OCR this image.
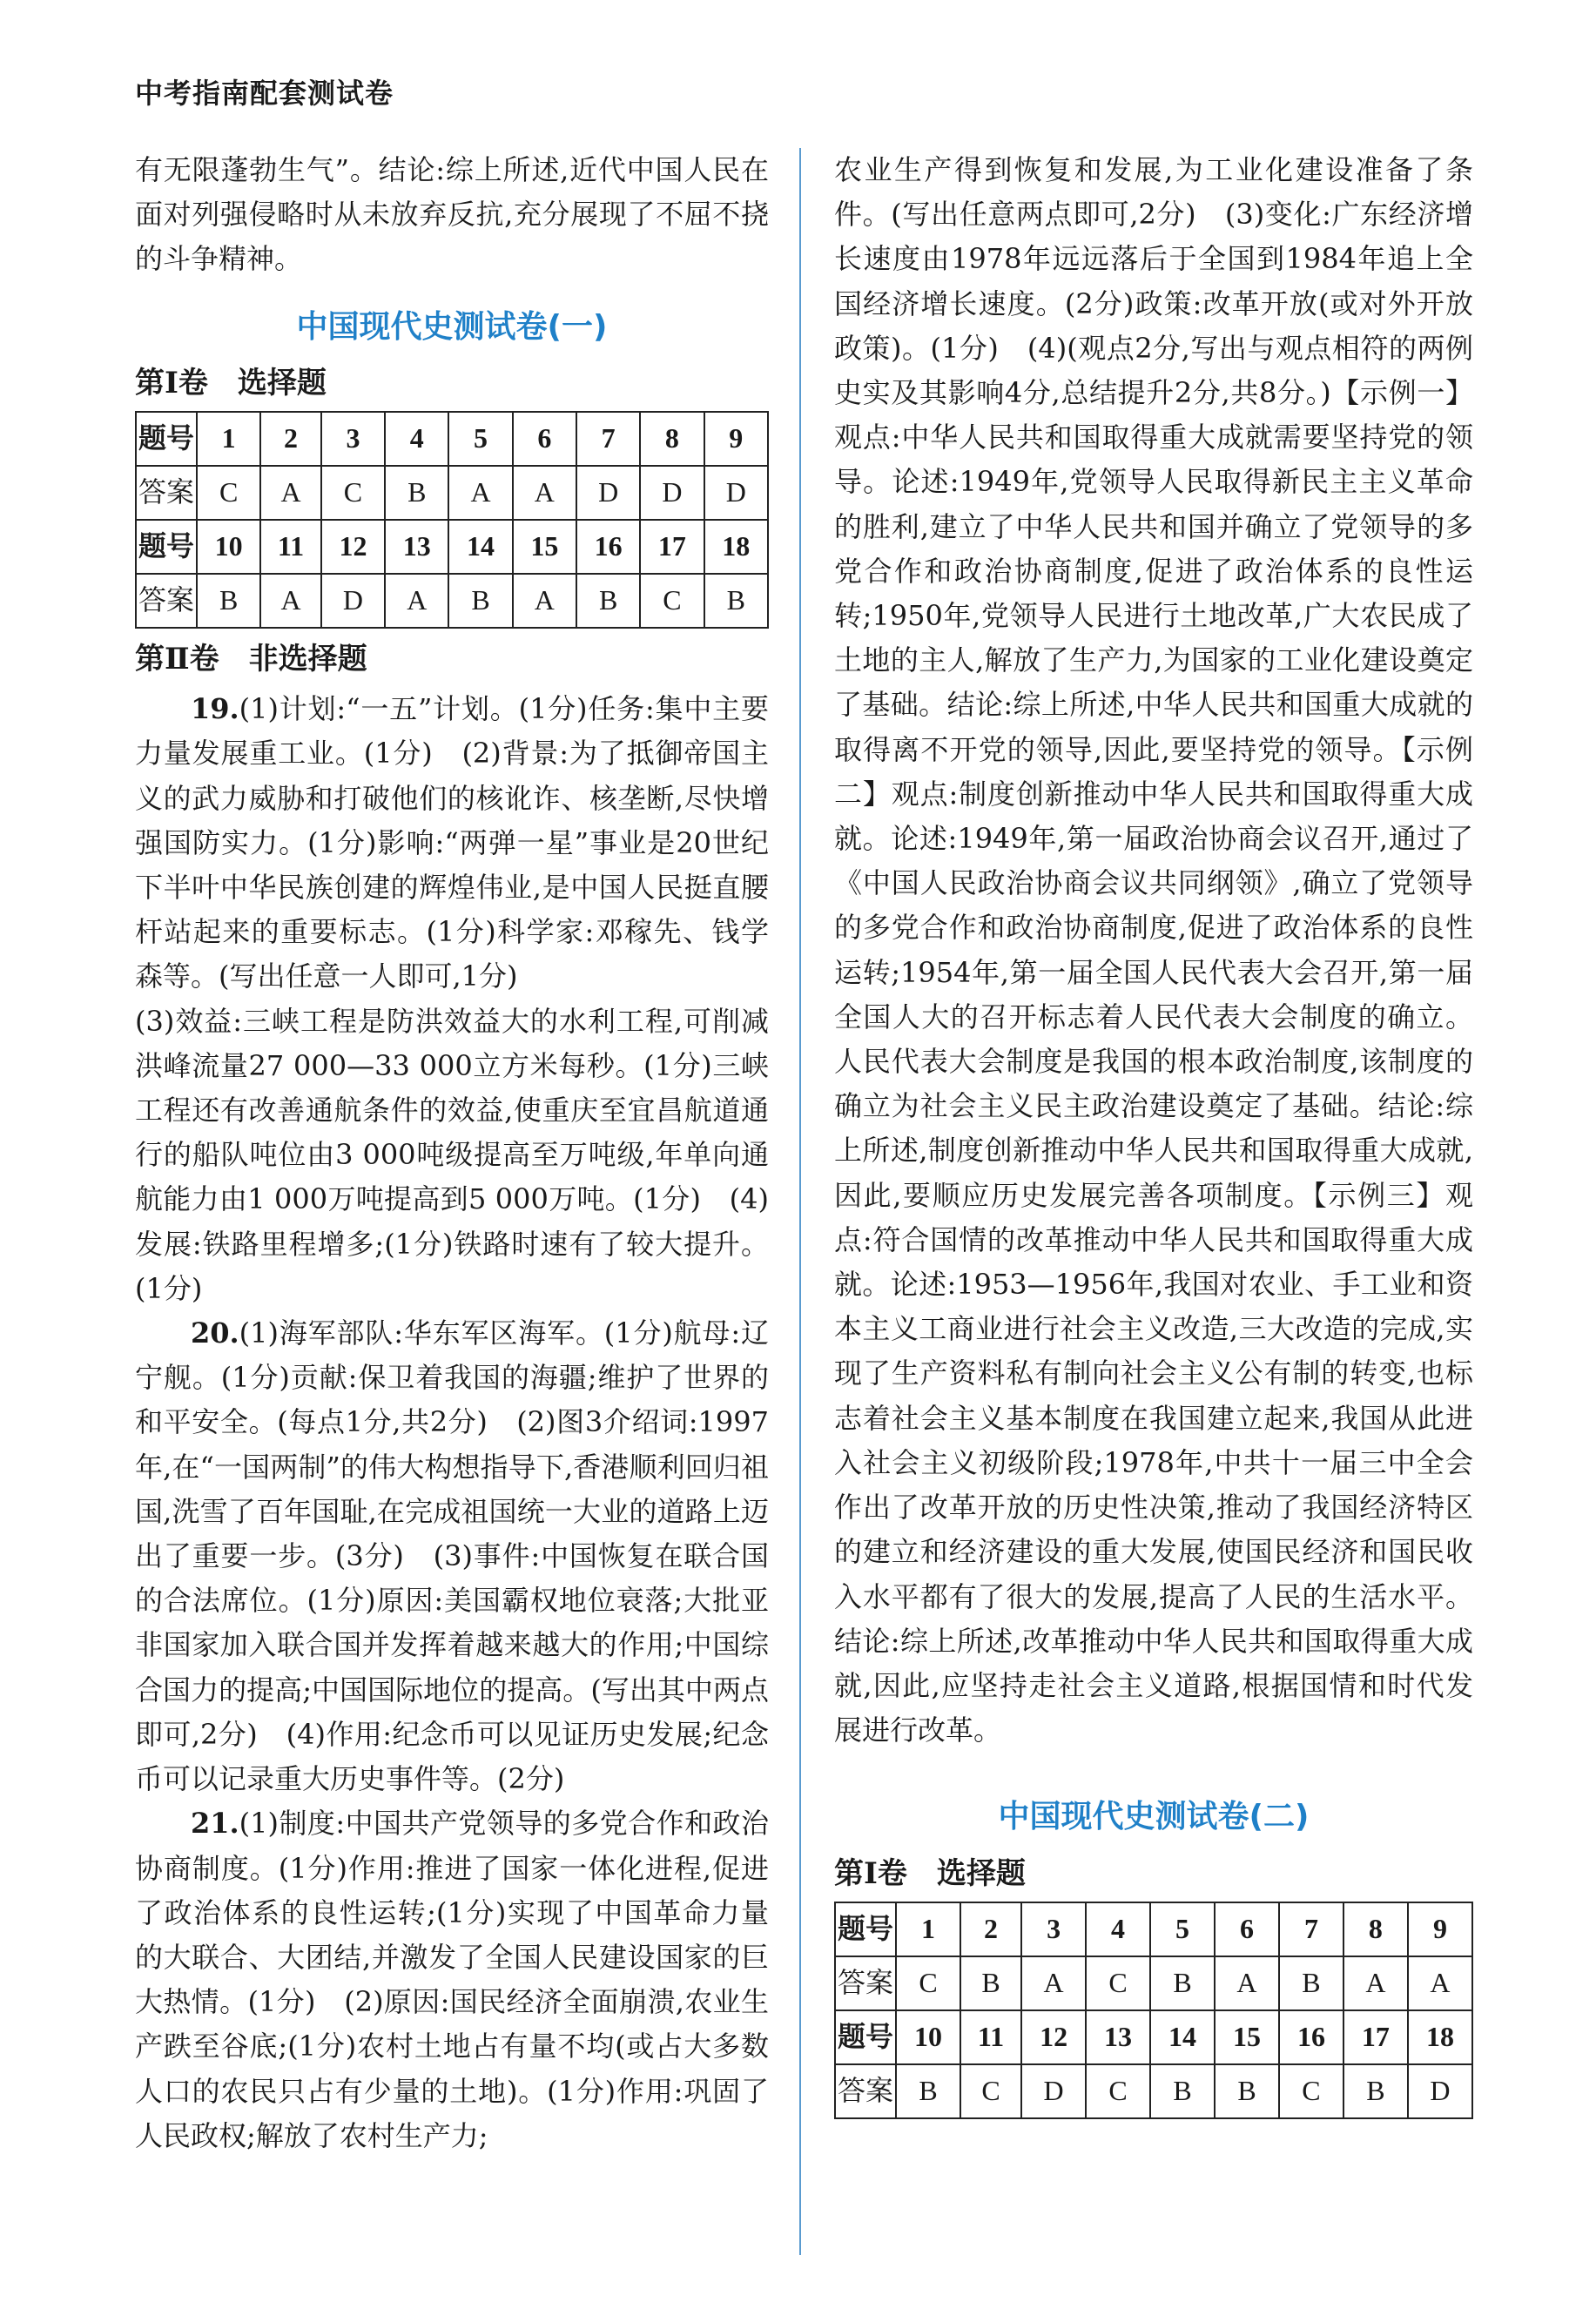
中考指南配套测试卷

有无限蓬勃生气”。结论:综上所述,近代中国人民在面对列强侵略时从未放弃反抗,充分展现了不屈不挠的斗争精神。

中国现代史测试卷(一)
第Ⅰ卷　选择题
题号	1	2	3	4	5	6	7	8	9
答案	C	A	C	B	A	A	D	D	D
题号	10	11	12	13	14	15	16	17	18
答案	B	A	D	A	B	A	B	C	B
第Ⅱ卷　非选择题

19.(1)计划:“一五”计划。(1分)任务:集中主要力量发展重工业。(1分)　(2)背景:为了抵御帝国主义的武力威胁和打破他们的核讹诈、核垄断,尽快增强国防实力。(1分)影响:“两弹一星”事业是20世纪下半叶中华民族创建的辉煌伟业,是中国人民挺直腰杆站起来的重要标志。(1分)科学家:邓稼先、钱学森等。(写出任意一人即可,1分)

(3)效益:三峡工程是防洪效益大的水利工程,可削减洪峰流量27 000—33 000立方米每秒。(1分)三峡工程还有改善通航条件的效益,使重庆至宜昌航道通行的船队吨位由3 000吨级提高至万吨级,年单向通航能力由1 000万吨提高到5 000万吨。(1分)　(4)发展:铁路里程增多;(1分)铁路时速有了较大提升。(1分)

20.(1)海军部队:华东军区海军。(1分)航母:辽宁舰。(1分)贡献:保卫着我国的海疆;维护了世界的和平安全。(每点1分,共2分)　(2)图3介绍词:1997年,在“一国两制”的伟大构想指导下,香港顺利回归祖国,洗雪了百年国耻,在完成祖国统一大业的道路上迈出了重要一步。(3分)　(3)事件:中国恢复在联合国的合法席位。(1分)原因:美国霸权地位衰落;大批亚非国家加入联合国并发挥着越来越大的作用;中国综合国力的提高;中国国际地位的提高。(写出其中两点即可,2分)　(4)作用:纪念币可以见证历史发展;纪念币可以记录重大历史事件等。(2分)

21.(1)制度:中国共产党领导的多党合作和政治协商制度。(1分)作用:推进了国家一体化进程,促进了政治体系的良性运转;(1分)实现了中国革命力量的大联合、大团结,并激发了全国人民建设国家的巨大热情。(1分)　(2)原因:国民经济全面崩溃,农业生产跌至谷底;(1分)农村土地占有量不均(或占大多数人口的农民只占有少量的土地)。(1分)作用:巩固了人民政权;解放了农村生产力;

农业生产得到恢复和发展,为工业化建设准备了条件。(写出任意两点即可,2分)　(3)变化:广东经济增长速度由1978年远远落后于全国到1984年追上全国经济增长速度。(2分)政策:改革开放(或对外开放政策)。(1分)　(4)(观点2分,写出与观点相符的两例史实及其影响4分,总结提升2分,共8分。)【示例一】观点:中华人民共和国取得重大成就需要坚持党的领导。论述:1949年,党领导人民取得新民主主义革命的胜利,建立了中华人民共和国并确立了党领导的多党合作和政治协商制度,促进了政治体系的良性运转;1950年,党领导人民进行土地改革,广大农民成了土地的主人,解放了生产力,为国家的工业化建设奠定了基础。结论:综上所述,中华人民共和国重大成就的取得离不开党的领导,因此,要坚持党的领导。【示例二】观点:制度创新推动中华人民共和国取得重大成就。论述:1949年,第一届政治协商会议召开,通过了《中国人民政治协商会议共同纲领》,确立了党领导的多党合作和政治协商制度,促进了政治体系的良性运转;1954年,第一届全国人民代表大会召开,第一届全国人大的召开标志着人民代表大会制度的确立。人民代表大会制度是我国的根本政治制度,该制度的确立为社会主义民主政治建设奠定了基础。结论:综上所述,制度创新推动中华人民共和国取得重大成就,因此,要顺应历史发展完善各项制度。【示例三】观点:符合国情的改革推动中华人民共和国取得重大成就。论述:1953—1956年,我国对农业、手工业和资本主义工商业进行社会主义改造,三大改造的完成,实现了生产资料私有制向社会主义公有制的转变,也标志着社会主义基本制度在我国建立起来,我国从此进入社会主义初级阶段;1978年,中共十一届三中全会作出了改革开放的历史性决策,推动了我国经济特区的建立和经济建设的重大发展,使国民经济和国民收入水平都有了很大的发展,提高了人民的生活水平。结论:综上所述,改革推动中华人民共和国取得重大成就,因此,应坚持走社会主义道路,根据国情和时代发展进行改革。

中国现代史测试卷(二)
第Ⅰ卷　选择题
题号	1	2	3	4	5	6	7	8	9
答案	C	B	A	C	B	A	B	A	A
题号	10	11	12	13	14	15	16	17	18
答案	B	C	D	C	B	B	C	B	D
